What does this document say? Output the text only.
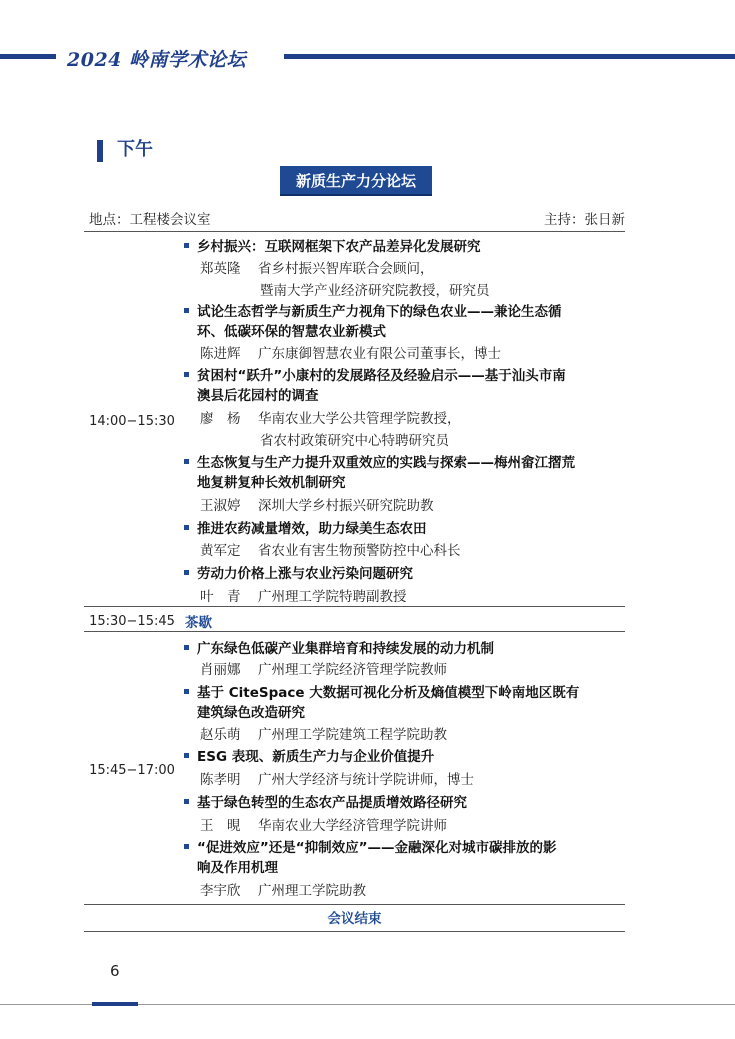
2024 岭南学术论坛
下午
新质生产力分论坛
地点：工程楼会议室	主持：张日新
14:00−15:30
乡村振兴：互联网框架下农产品差异化发展研究
郑英隆 省乡村振兴智库联合会顾问，
暨南大学产业经济研究院教授，研究员
试论生态哲学与新质生产力视角下的绿色农业——兼论生态循
环、低碳环保的智慧农业新模式
陈进辉 广东康御智慧农业有限公司董事长，博士
贫困村“跃升”小康村的发展路径及经验启示——基于汕头市南
澳县后花园村的调查
廖　杨 华南农业大学公共管理学院教授，
省农村政策研究中心特聘研究员
生态恢复与生产力提升双重效应的实践与探索——梅州畲江摺荒
地复耕复种长效机制研究
王淑婷 深圳大学乡村振兴研究院助教
推进农药减量增效，助力绿美生态农田
黄军定 省农业有害生物预警防控中心科长
劳动力价格上涨与农业污染问题研究
叶　青 广州理工学院特聘副教授
15:30−15:45 茶歇
15:45−17:00
广东绿色低碳产业集群培育和持续发展的动力机制
肖丽娜 广州理工学院经济管理学院教师
基于 CiteSpace 大数据可视化分析及熵值模型下岭南地区既有
建筑绿色改造研究
赵乐萌 广州理工学院建筑工程学院助教
ESG 表现、新质生产力与企业价值提升
陈孝明 广州大学经济与统计学院讲师，博士
基于绿色转型的生态农产品提质增效路径研究
王　晛 华南农业大学经济管理学院讲师
“促进效应”还是“抑制效应”——金融深化对城市碳排放的影
响及作用机理
李宇欣 广州理工学院助教
会议结束
6
